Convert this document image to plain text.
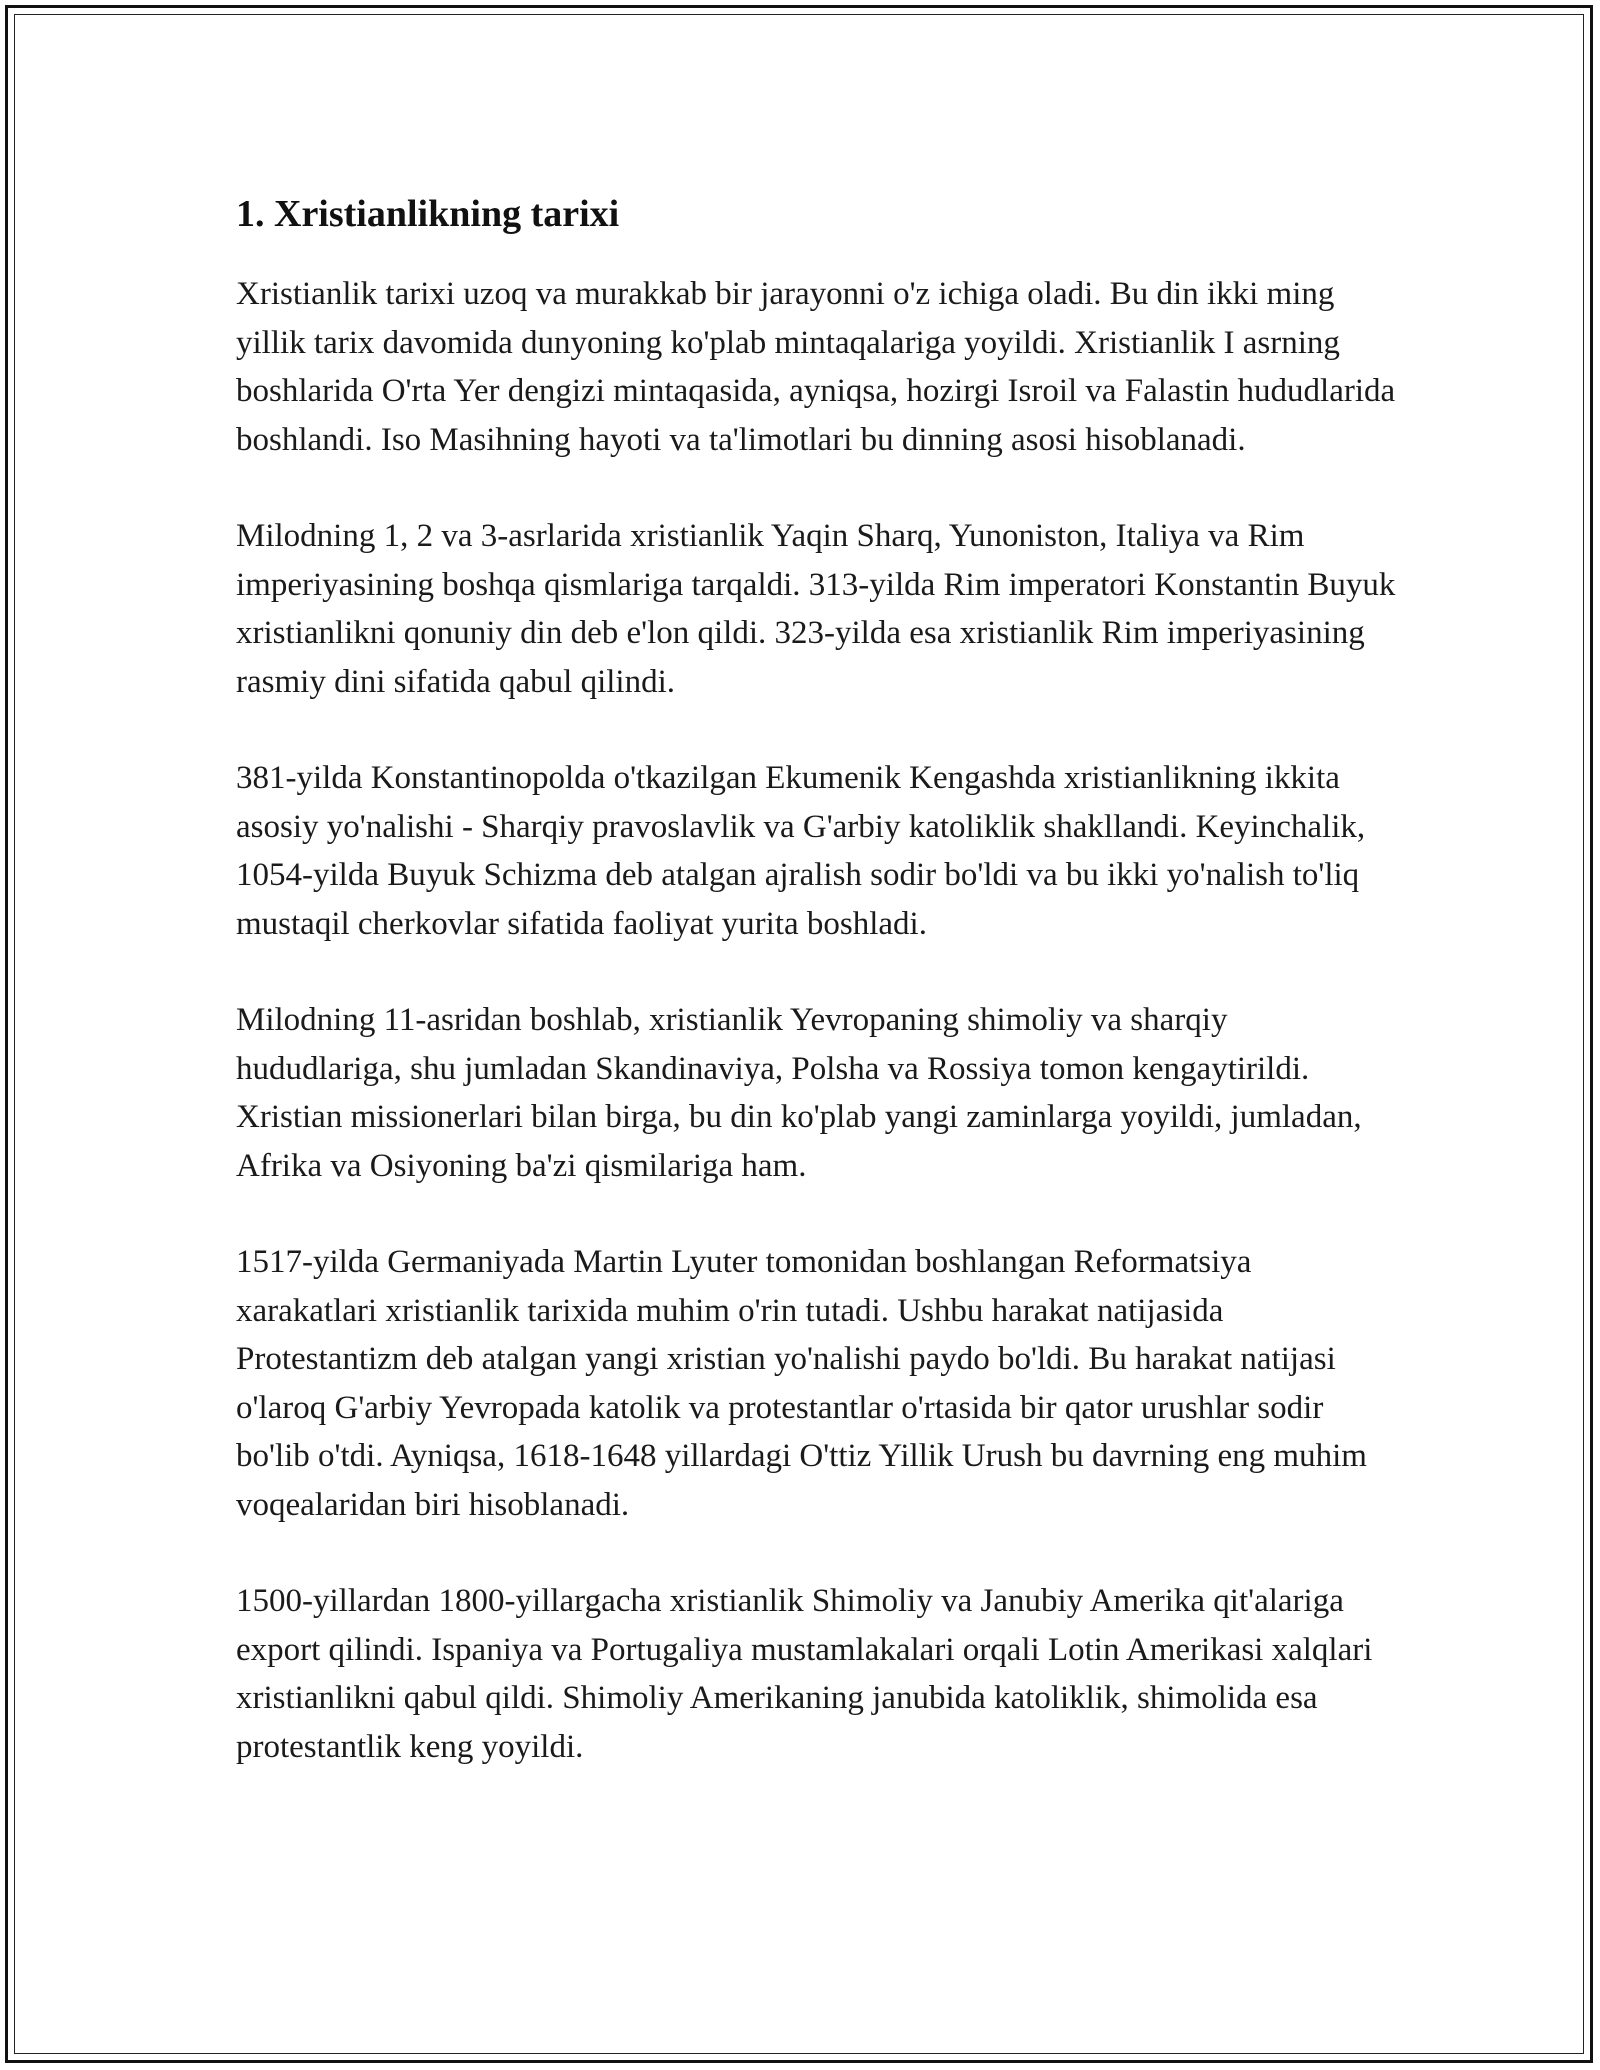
1. Xristianlikning tarixi

Xristianlik tarixi uzoq va murakkab bir jarayonni o'z ichiga oladi. Bu din ikki ming yillik tarix davomida dunyoning ko'plab mintaqalariga yoyildi. Xristianlik I asrning boshlarida O'rta Yer dengizi mintaqasida, ayniqsa, hozirgi Isroil va Falastin hududlarida boshlandi. Iso Masihning hayoti va ta'limotlari bu dinning asosi hisoblanadi.

Milodning 1, 2 va 3-asrlarida xristianlik Yaqin Sharq, Yunoniston, Italiya va Rim imperiyasining boshqa qismlariga tarqaldi. 313-yilda Rim imperatori Konstantin Buyuk xristianlikni qonuniy din deb e'lon qildi. 323-yilda esa xristianlik Rim imperiyasining rasmiy dini sifatida qabul qilindi.

381-yilda Konstantinopolda o'tkazilgan Ekumenik Kengashda xristianlikning ikkita asosiy yo'nalishi - Sharqiy pravoslavlik va G'arbiy katoliklik shakllandi. Keyinchalik, 1054-yilda Buyuk Schizma deb atalgan ajralish sodir bo'ldi va bu ikki yo'nalish to'liq mustaqil cherkovlar sifatida faoliyat yurita boshladi.

Milodning 11-asridan boshlab, xristianlik Yevropaning shimoliy va sharqiy hududlariga, shu jumladan Skandinaviya, Polsha va Rossiya tomon kengaytirildi. Xristian missionerlari bilan birga, bu din ko'plab yangi zaminlarga yoyildi, jumladan, Afrika va Osiyoning ba'zi qismilariga ham.

1517-yilda Germaniyada Martin Lyuter tomonidan boshlangan Reformatsiya xarakatlari xristianlik tarixida muhim o'rin tutadi. Ushbu harakat natijasida Protestantizm deb atalgan yangi xristian yo'nalishi paydo bo'ldi. Bu harakat natijasi o'laroq G'arbiy Yevropada katolik va protestantlar o'rtasida bir qator urushlar sodir bo'lib o'tdi. Ayniqsa, 1618-1648 yillardagi O'ttiz Yillik Urush bu davrning eng muhim voqealaridan biri hisoblanadi.

1500-yillardan 1800-yillargacha xristianlik Shimoliy va Janubiy Amerika qit'alariga export qilindi. Ispaniya va Portugaliya mustamlakalari orqali Lotin Amerikasi xalqlari xristianlikni qabul qildi. Shimoliy Amerikaning janubida katoliklik, shimolida esa protestantlik keng yoyildi.
